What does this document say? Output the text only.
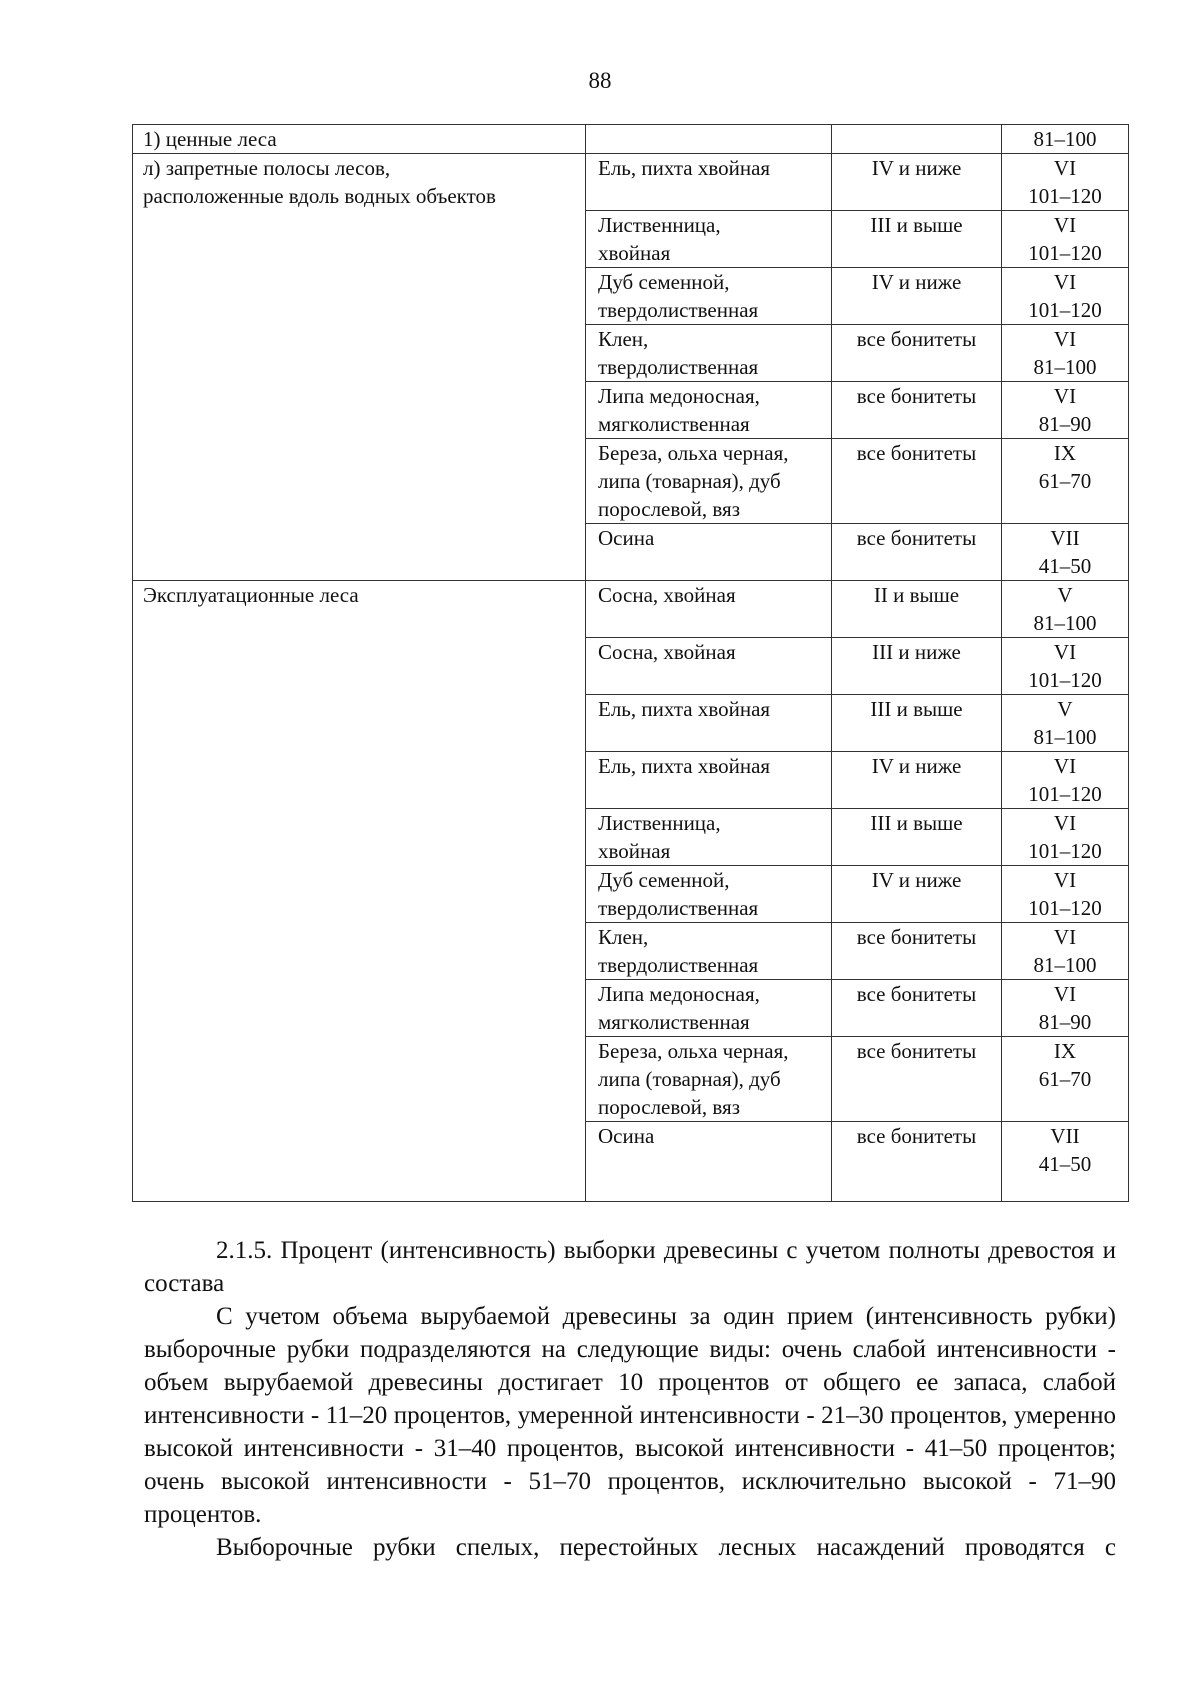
88
1) ценные леса			81–100

л) запретные полосы лесов,
расположенные вдоль водных объектов	Ель, пихта хвойная	IV и ниже	VI
101–120

	Лиственница,
хвойная	III и выше	VI
101–120

	Дуб семенной,
твердолиственная	IV и ниже	VI
101–120

	Клен,
твердолиственная	все бонитеты	VI
81–100

	Липа медоносная,
мягколиственная	все бонитеты	VI
81–90

	Береза, ольха черная,
липа (товарная), дуб
порослевой, вяз	все бонитеты	IX
61–70

	Осина	все бонитеты	VII
41–50

Эксплуатационные леса	Сосна, хвойная	II и выше	V
81–100

	Сосна, хвойная	III и ниже	VI
101–120

	Ель, пихта хвойная	III и выше	V
81–100

	Ель, пихта хвойная	IV и ниже	VI
101–120

	Лиственница,
хвойная	III и выше	VI
101–120

	Дуб семенной,
твердолиственная	IV и ниже	VI
101–120

	Клен,
твердолиственная	все бонитеты	VI
81–100

	Липа медоносная,
мягколиственная	все бонитеты	VI
81–90

	Береза, ольха черная,
липа (товарная), дуб
порослевой, вяз	все бонитеты	IX
61–70

	Осина	все бонитеты	VII
41–50

2.1.5. Процент (интенсивность) выборки древесины с учетом полноты древостоя и состава

С учетом объема вырубаемой древесины за один прием (интенсивность рубки) выборочные рубки подразделяются на следующие виды: очень слабой интенсивности - объем вырубаемой древесины достигает 10 процентов от общего ее запаса, слабой интенсивности - 11–20 процентов, умеренной интенсивности - 21–30 процентов, умеренно высокой интенсивности - 31–40 процентов, высокой интенсивности - 41–50 процентов; очень высокой интенсивности - 51–70 процентов, исключительно высокой - 71–90 процентов.

Выборочные рубки спелых, перестойных лесных насаждений проводятся с
